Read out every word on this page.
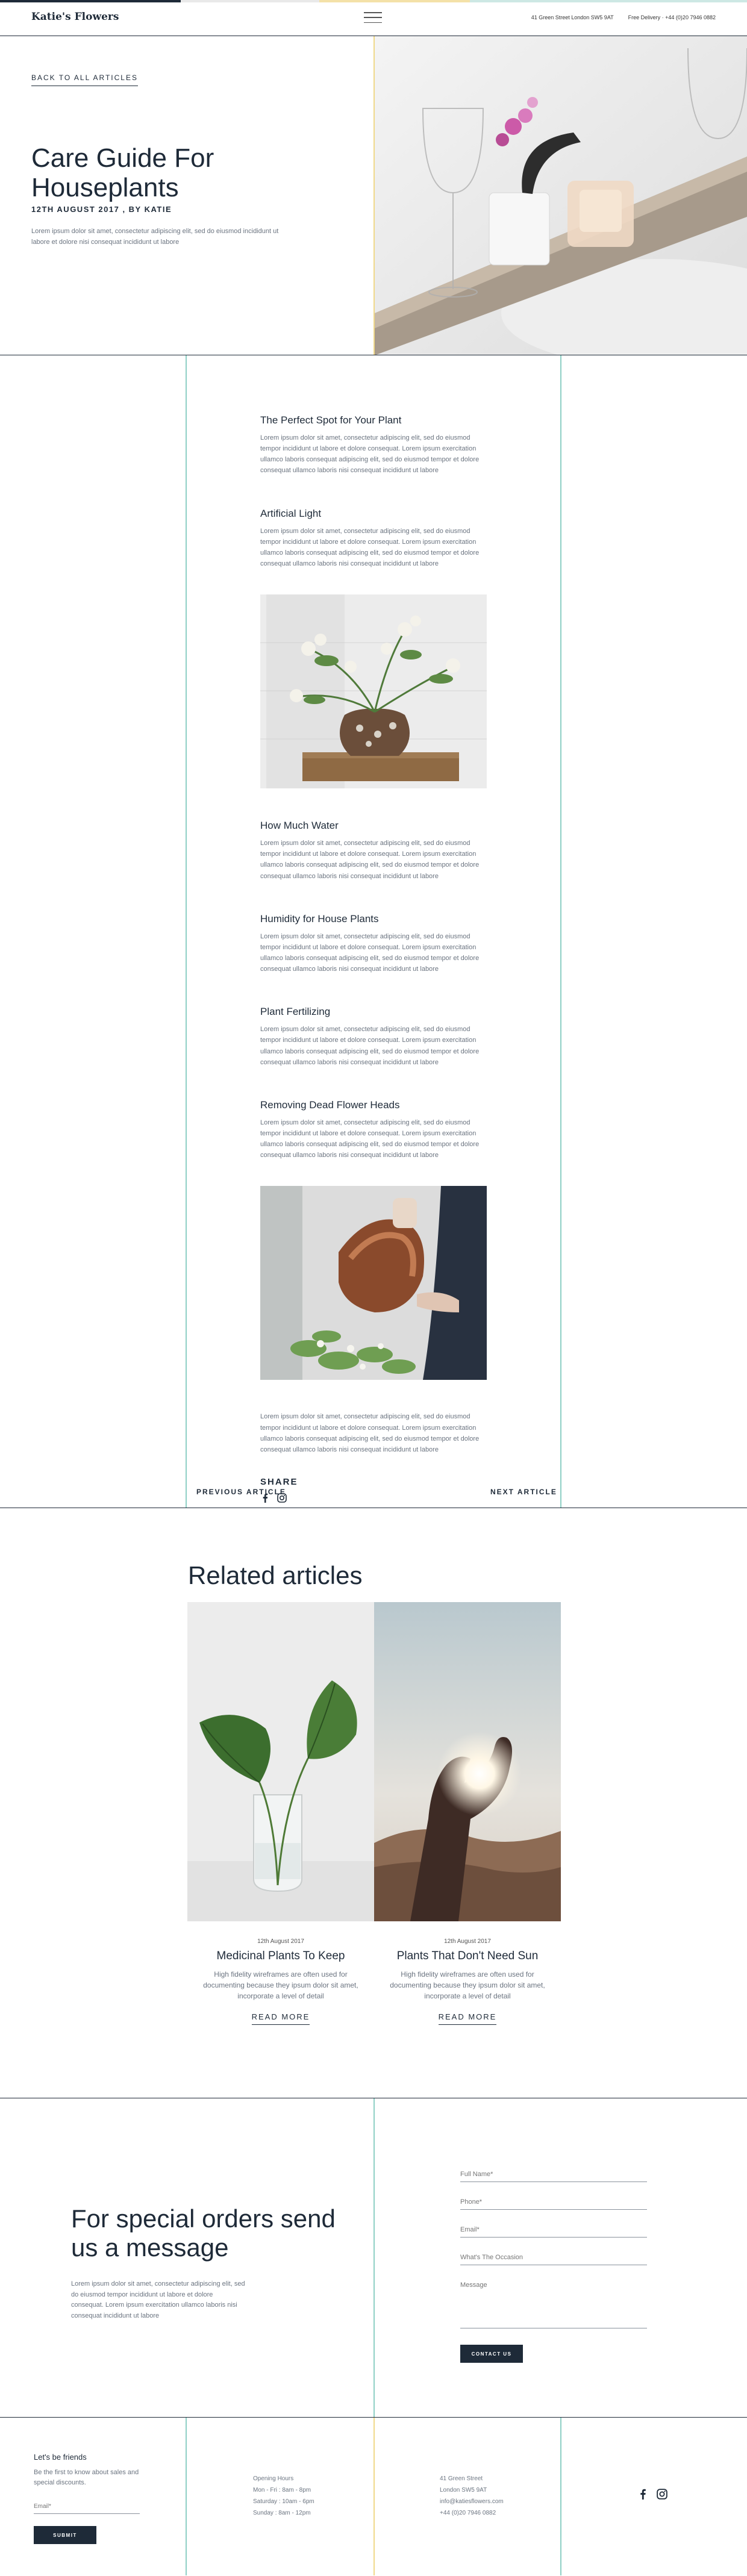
Katie's Flowers	41 Green Street London SW5 9AT	Free Delivery · +44 (0)20 7946 0882
BACK TO ALL ARTICLES
Care Guide For Houseplants
12TH AUGUST 2017 , BY KATIE

Lorem ipsum dolor sit amet, consectetur adipiscing elit, sed do eiusmod incididunt ut labore et dolore nisi consequat incididunt ut labore

The Perfect Spot for Your Plant

Lorem ipsum dolor sit amet, consectetur adipiscing elit, sed do eiusmod tempor incididunt ut labore et dolore consequat. Lorem ipsum exercitation ullamco laboris consequat adipiscing elit, sed do eiusmod tempor et dolore consequat ullamco laboris nisi consequat incididunt ut labore

Artificial Light

Lorem ipsum dolor sit amet, consectetur adipiscing elit, sed do eiusmod tempor incididunt ut labore et dolore consequat. Lorem ipsum exercitation ullamco laboris consequat adipiscing elit, sed do eiusmod tempor et dolore consequat ullamco laboris nisi consequat incididunt ut labore

How Much Water

Lorem ipsum dolor sit amet, consectetur adipiscing elit, sed do eiusmod tempor incididunt ut labore et dolore consequat. Lorem ipsum exercitation ullamco laboris consequat adipiscing elit, sed do eiusmod tempor et dolore consequat ullamco laboris nisi consequat incididunt ut labore

Humidity for House Plants

Lorem ipsum dolor sit amet, consectetur adipiscing elit, sed do eiusmod tempor incididunt ut labore et dolore consequat. Lorem ipsum exercitation ullamco laboris consequat adipiscing elit, sed do eiusmod tempor et dolore consequat ullamco laboris nisi consequat incididunt ut labore

Plant Fertilizing

Lorem ipsum dolor sit amet, consectetur adipiscing elit, sed do eiusmod tempor incididunt ut labore et dolore consequat. Lorem ipsum exercitation ullamco laboris consequat adipiscing elit, sed do eiusmod tempor et dolore consequat ullamco laboris nisi consequat incididunt ut labore

Removing Dead Flower Heads

Lorem ipsum dolor sit amet, consectetur adipiscing elit, sed do eiusmod tempor incididunt ut labore et dolore consequat. Lorem ipsum exercitation ullamco laboris consequat adipiscing elit, sed do eiusmod tempor et dolore consequat ullamco laboris nisi consequat incididunt ut labore

Lorem ipsum dolor sit amet, consectetur adipiscing elit, sed do eiusmod tempor incididunt ut labore et dolore consequat. Lorem ipsum exercitation ullamco laboris consequat adipiscing elit, sed do eiusmod tempor et dolore consequat ullamco laboris nisi consequat incididunt ut labore

SHARE
PREVIOUS ARTICLE	NEXT ARTICLE
Related articles
12th August 2017
Medicinal Plants To Keep

High fidelity wireframes are often used for documenting because they ipsum dolor sit amet, incorporate a level of detail

READ MORE
12th August 2017
Plants That Don't Need Sun

High fidelity wireframes are often used for documenting because they ipsum dolor sit amet, incorporate a level of detail

READ MORE
For special orders send us a message

Lorem ipsum dolor sit amet, consectetur adipiscing elit, sed do eiusmod tempor incididunt ut labore et dolore consequat. Lorem ipsum exercitation ullamco laboris nisi consequat incididunt ut labore

Full Name*
Phone*
Email*
What's The Occasion
Message CONTACT US
Let's be friends

Be the first to know about sales and special discounts.

Email* SUBMIT
Opening Hours
Mon - Fri : 8am - 8pm
Saturday : 10am - 6pm
Sunday : 8am - 12pm
41 Green Street
London SW5 9AT
info@katiesflowers.com
+44 (0)20 7946 0882
